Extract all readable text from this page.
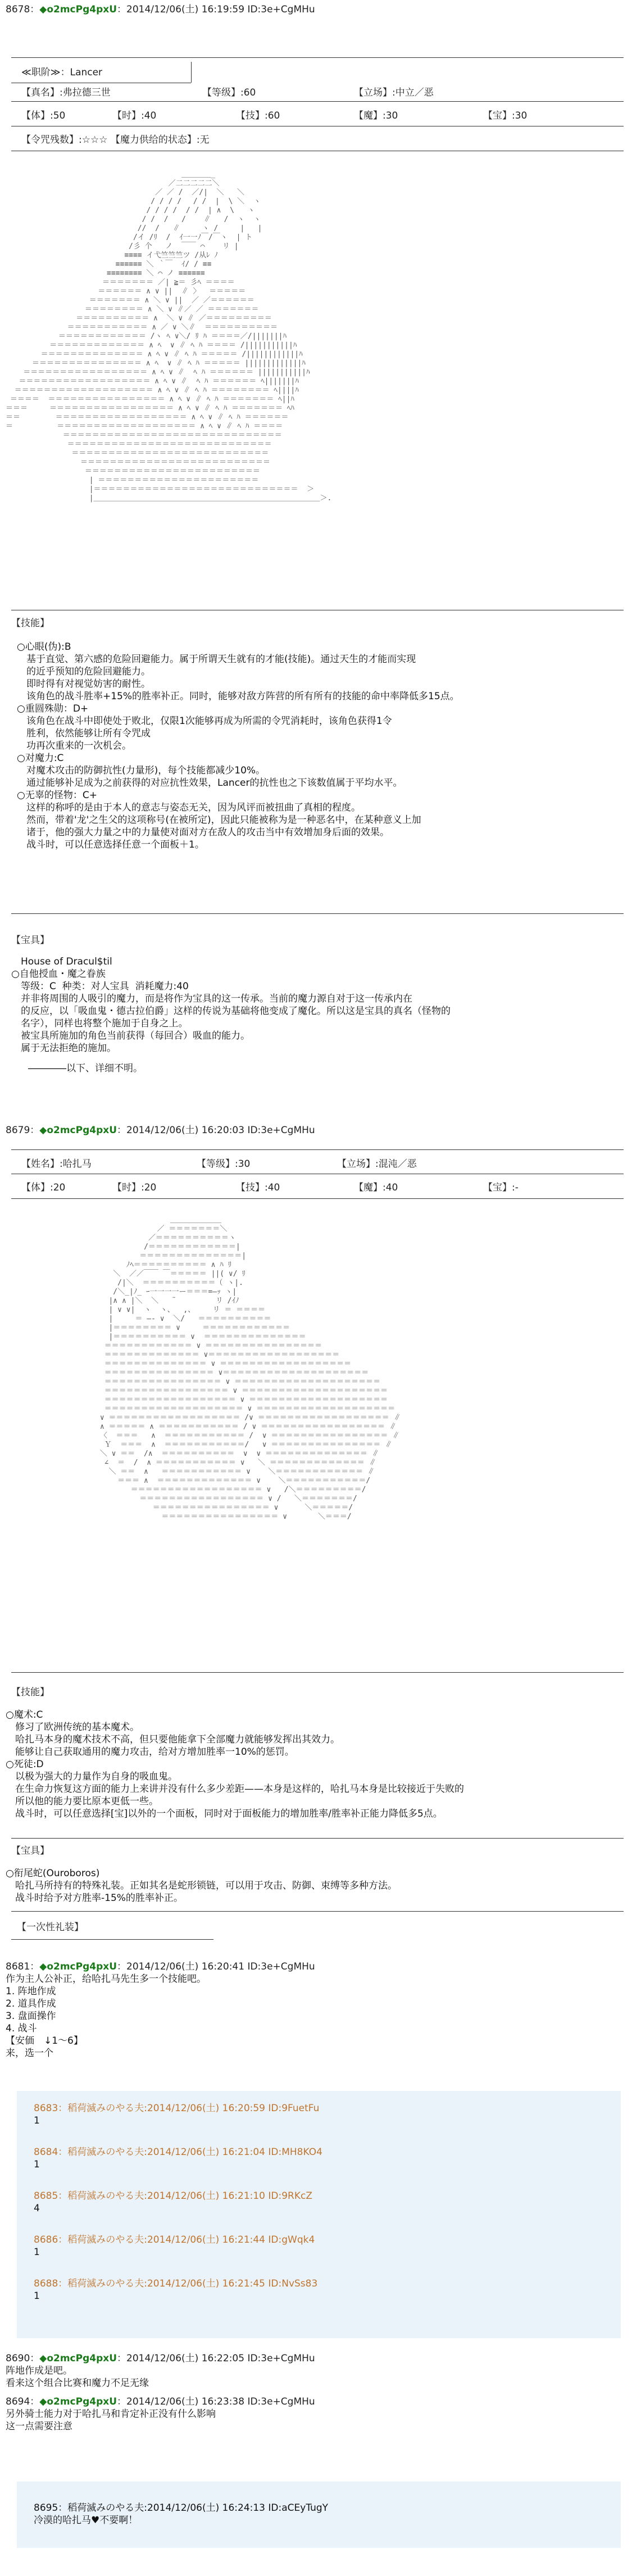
8678：◆o2mcPg4pxU：2014/12/06(土) 16:19:59 ID:3e+CgMHu
≪职阶≫：Lancer
【真名】:弗拉德三世	【等级】:60	【立场】:中立／恶
【体】:50	【时】:40	【技】:60	【魔】:30	【宝】:30
【令咒残数】:☆☆☆ 【魔力供给的状态】:无
＿＿＿＿_
／二二二二二＼
／ ／ /  ／/|  ＼   ＼
/ / / / 　/ /  |  \ ＼  ヽ
/ / / /  / /  | ∧  \   ヽ
/ /  /   /    ∥   /  ヽ  ヽ
//  /   ∥     ヽ /     |   |
/イ /ﾘ  /  ｲ一一ﾉ￣/￣ヽ  | ト
/彡 个   ノ  ￣￣ ⌒    リ |
≡≡≡≡ イ弋竺竺竺ツ /从ﾚ ﾉ
≡≡≡≡≡≡ ＼ ｀￣  ｲ/ / ≡≡
≡≡≡≡≡≡≡≡ ＼ ⌒ ノ ≡≡≡≡≡≡
＝＝＝＝＝＝＝ ／| ≧＝ 彡ﾍ ＝＝＝＝
＝＝＝＝＝＝ ∧ ∨ ||  ∥ 〉  ＝＝＝＝＝
＝＝＝＝＝＝＝ ∧ ＼ ∨ ||  ／ ／＝＝＝＝＝＝
＝＝＝＝＝＝＝＝ ∧ ＼ ∨ ∥／ ／ ＝＝＝＝＝＝＝
＝＝＝＝＝＝＝＝＝＝ ∧  ＼ ∨ ∥ ／＝＝＝＝＝＝＝＝＝
＝＝＝＝＝＝＝＝＝＝＝ ∧ ／ ∨ ＼∥  ＝＝＝＝＝＝＝＝＝＝
＝＝＝＝＝＝＝＝＝＝＝＝ /ヽ ﾍ ∨＼/ ﾘ ﾊ ＝＝＝＝／/|||||||ﾊ
＝＝＝＝＝＝＝＝＝＝＝＝＝ ∧ ﾍ  ∨ ∥ ﾍ ﾊ ＝＝＝＝ /|||||||||||ﾊ
＝＝＝＝＝＝＝＝＝＝＝＝＝＝ ∧ ﾍ ∨ ∥ ﾍ ﾊ ＝＝＝＝＝ /||||||||||||ﾊ
＝＝＝＝＝＝＝＝＝＝＝＝＝＝＝ ∧ ﾍ  ∨ ∥ ﾍ ﾊ ＝＝＝＝＝ |||||||||||||ﾊ
＝＝＝＝＝＝＝＝＝＝＝＝＝＝＝＝＝ ∧ ﾍ ∨ ∥  ﾍ ﾊ ＝＝＝＝＝＝ |||||||||||ﾊ
＝＝＝＝＝＝＝＝＝＝＝＝＝＝＝＝＝＝ ∧ ﾍ ∨ ∥  ﾍ ﾊ ＝＝＝＝＝＝ ﾍ|||||||ﾊ
＝＝＝＝＝＝＝＝＝＝＝＝＝＝＝＝＝＝＝ ∧ ﾍ ∨ ∥ ﾍ ﾊ ＝＝＝＝＝＝＝＝ ﾍ||||ﾊ
＝＝＝＝  ＝＝＝＝＝＝＝＝＝＝＝＝＝＝＝＝ ∧ ﾍ ∨ ∥ ﾍ ﾊ ＝＝＝＝＝＝＝ ﾍ||ﾊ
＝＝＝     ＝＝＝＝＝＝＝＝＝＝＝＝＝＝＝＝＝ ∧ ﾍ ∨ ∥ ﾍ ﾊ ＝＝＝＝＝＝＝ ﾍﾊ
＝＝        ＝＝＝＝＝＝＝＝＝＝＝＝＝＝＝＝＝＝ ∧ ﾍ ∨ ∥ ﾍ ﾊ ＝＝＝＝＝＝
＝          ＝＝＝＝＝＝＝＝＝＝＝＝＝＝＝＝＝＝＝ ∧ ﾍ ∨ ∥ ﾍ ﾊ ＝＝＝＝
＝＝＝＝＝＝＝＝＝＝＝＝＝＝＝＝＝＝＝＝＝＝＝＝＝＝＝＝＝＝
＝＝＝＝＝＝＝＝＝＝＝＝＝＝＝＝＝＝＝＝＝＝＝＝＝＝＝＝
＝＝＝＝＝＝＝＝＝＝＝＝＝＝＝＝＝＝＝＝＝＝＝＝＝＝＝
＝＝＝＝＝＝＝＝＝＝＝＝＝＝＝＝＝＝＝＝＝＝＝＝＝＝
＝＝＝＝＝＝＝＝＝＝＝＝＝＝＝＝＝＝＝＝＝＝＝＝
| ＝＝＝＝＝＝＝＝＝＝＝＝＝＝＝＝＝＝＝＝＝＝
|＝＝＝＝＝＝＝＝＝＝＝＝＝＝＝＝＝＝＝＝＝＝＝＝＝＝＝＝  ＞
|＿＿＿＿＿＿＿＿＿＿＿＿＿＿＿＿＿＿＿＿＿＿＿＿＿＿＿＿＿＿＿＞.
【技能】
○心眼(伪):B
　基于直觉、第六感的危险回避能力。属于所谓天生就有的才能(技能)。通过天生的才能而实现
　的近乎预知的危险回避能力。
　即时得有对视觉妨害的耐性。
　该角色的战斗胜率+15%的胜率补正。同时，能够对敌方阵营的所有所有的技能的命中率降低多15点。
○重圆殊勋：D+
　该角色在战斗中即使处于败北，仅限1次能够再成为所需的令咒消耗时，该角色获得1令
　胜利，依然能够让所有令咒成
　功再次重来的一次机会。
○对魔力:C
　对魔术攻击的防御抗性(力量形)，每个技能都减少10%。
　通过能够补足成为之前获得的对应抗性效果，Lancer的抗性也之下该数值属于平均水平。
○无辜的怪物：C+
　这样的称呼的是由于本人的意志与姿态无关，因为风评而被扭曲了真相的程度。
　然而，带着'龙'之生父的这项称号(在被所定)，因此只能被称为是一种恶名中，在某种意义上加
　诸于，他的强大力量之中的力量使对面对方在敌人的攻击当中有效增加身后面的效果。
　战斗时，可以任意选择任意一个面板＋1。
【宝具】
　House of Dracul$til
○自他授血・魔之眷族
　等级：C  种类：对人宝具  消耗魔力:40
　并非将周围的人吸引的魔力，而是将作为宝具的这一传承。当前的魔力源自对于这一传承内在
　的反应，以「吸血鬼・德古拉伯爵」这样的传说为基础将他变成了魔化。所以这是宝具的真名（怪物的
　名字），同样也将整个施加于自身之上。
　被宝具所施加的角色当前获得（每回合）吸血的能力。
　属于无法拒绝的施加。
――――以下、详细不明。
8679：◆o2mcPg4pxU：2014/12/06(土) 16:20:03 ID:3e+CgMHu
【姓名】:哈扎马	【等级】:30	【立场】:混沌／恶
【体】:20	【时】:20	【技】:40	【魔】:40	【宝】:-
＿＿＿＿＿＿＿
／ ＝＝＝＝＝＝＝＼
／＝＝＝＝＝＝＝＝＝＝ヽ
/＝＝＝＝＝＝＝＝＝＝＝＝|
＝＝＝＝＝＝＝＝＝＝＝＝＝＝|
ﾉﾍ＝＝＝＝＝＝＝＝＝＝ ∧ ﾊ ﾘ
＼  ／／￣￣ ￣＝＝＝＝＝ ||( ∨/ ﾘ
/|＼  ＝＝＝＝＝＝＝＝＝＝（ ヽ|.
/＼_|ﾉ_ ｰ一一一一ー＝＝＝=―ｯ ヽ|
|∧ ∧ |＼  ＼   ¨         リ /ｲﾉ
| ∨ ∨|  ヽ  ヽ、  ,、    リ ＝ ＝＝＝＝
|     ＝ ―- ∨  ＼/   ＝＝＝＝＝＝＝＝＝＝
|＝＝＝＝＝＝＝＝ ∨     ＝＝＝＝＝＝＝＝＝＝＝＝
|＝＝＝＝＝＝＝＝＝＝ ∨  ＝＝＝＝＝＝＝＝＝＝＝＝＝＝
＝＝＝＝＝＝＝＝＝＝＝＝ ∨ ＝＝＝＝＝＝＝＝＝＝＝＝＝＝＝＝
＝＝＝＝＝＝＝＝＝＝＝＝＝ ∨＝＝＝＝＝＝＝＝＝＝＝＝＝＝＝＝＝＝
＝＝＝＝＝＝＝＝＝＝＝＝＝＝ ∨ ＝＝＝＝＝＝＝＝＝＝＝＝＝＝＝＝＝＝
＝＝＝＝＝＝＝＝＝＝＝＝＝＝＝ ∨＝＝＝＝＝＝＝＝＝＝＝＝＝＝＝＝＝＝＝＝
＝＝＝＝＝＝＝＝＝＝＝＝＝＝＝＝ ∨ ＝＝＝＝＝＝＝＝＝＝＝＝＝＝＝＝＝＝＝＝
＝＝＝＝＝＝＝＝＝＝＝＝＝＝＝＝＝ ∨ ＝＝＝＝＝＝＝＝＝＝＝＝＝＝＝＝＝＝＝＝
＝＝＝＝＝＝＝＝＝＝＝＝＝＝＝＝＝＝ ∨ ＝＝＝＝＝＝＝＝＝＝＝＝＝＝＝＝＝＝＝
＝＝＝＝＝＝＝＝＝＝＝＝＝＝＝＝＝＝＝ ∨ ＝＝＝＝＝＝＝＝＝＝＝＝＝＝＝＝＝＝＝
∨ ＝＝＝＝＝＝＝＝＝＝＝＝＝＝＝＝＝＝ /∨ ＝＝＝＝＝＝＝＝＝＝＝＝＝＝＝＝＝＝ ∥
∧ ＝＝＝＝＝ ∧ ＝＝＝＝＝＝＝＝＝＝＝ / ∨ ＝＝＝＝＝＝＝＝＝＝＝＝＝＝＝＝＝ ∥
〈  ＝＝＝   ∧  ＝＝＝＝＝＝＝＝＝＝＝ /  ∨ ＝＝＝＝＝＝＝＝＝＝＝＝＝＝＝＝ ∥
Ｙ  ＝＝＝  ∧  ＝＝＝＝＝＝＝＝＝＝＝/   ∨ ＝＝＝＝＝＝＝＝＝＝＝＝＝＝＝ ∥
＼ ∨ ＝＝  /∧  ＝＝＝＝＝＝＝＝＝＝  ∨  ∨ ＝＝＝＝＝＝＝＝＝＝＝＝＝＝ ∥
∠  ＝  /  ∧ ＝＝＝＝＝＝＝＝＝＝＝ ∨   ＼ ＝＝＝＝＝＝＝＝＝＝＝＝＝ ∥
＼ ＝＝  ∧   ＝＝＝＝＝＝＝＝＝＝＝ ∨    ＼＝＝＝＝＝＝＝＝＝＝＝＝ ∥
＝＝＝ ∧  ＝＝＝＝＝＝＝＝＝＝＝＝＝ ∨    ＼＝＝＝＝＝＝＝＝＝＝＝/
＝＝＝＝＝＝＝＝＝＝＝＝＝＝＝＝＝＝ ∨   /＼＝＝＝＝＝＝＝＝＝/
＝＝＝＝＝＝＝＝＝＝＝＝＝＝＝＝＝ ∨ /   ＼＝＝＝＝＝＝＝/
＝＝＝＝＝＝＝＝＝＝＝＝＝＝＝＝ ∨      ＼＝＝＝＝＝/
＝＝＝＝＝＝＝＝＝＝＝＝＝＝＝＝ ∨       ＼＝＝＝/
【技能】
○魔术:C
　修习了欧洲传统的基本魔术。
　哈扎马本身的魔术技术不高，但只要他能拿下全部魔力就能够发挥出其效力。
　能够让自己获取通用的魔力攻击，给对方增加胜率一10%的惩罚。
○死徒:D
　以极为强大的力量作为自身的吸血鬼。
　在生命力恢复这方面的能力上来讲并没有什么多少差距——本身是这样的，哈扎马本身是比较接近于失败的
　所以他的能力要比原本更低一些。
　战斗时，可以任意选择[宝]以外的一个面板，同时对于面板能力的增加胜率/胜率补正能力降低多5点。
【宝具】
○衔尾蛇(Ouroboros)
　哈扎马所持有的特殊礼装。正如其名是蛇形锁链，可以用于攻击、防御、束缚等多种方法。
　战斗时给予对方胜率-15%的胜率补正。
【一次性礼装】
8681：◆o2mcPg4pxU：2014/12/06(土) 16:20:41 ID:3e+CgMHu
作为主人公补正，给哈扎马先生多一个技能吧。
1. 阵地作成
2. 道具作成
3. 盘面操作
4. 战斗
【安価　↓1～6】
来，选一个
8683：稻荷滅みのやる夫:2014/12/06(土) 16:20:59 ID:9FuetFu
1
8684：稻荷滅みのやる夫:2014/12/06(土) 16:21:04 ID:MH8KO4
1
8685：稻荷滅みのやる夫:2014/12/06(土) 16:21:10 ID:9RKcZ
4
8686：稻荷滅みのやる夫:2014/12/06(土) 16:21:44 ID:gWqk4
1
8688：稻荷滅みのやる夫:2014/12/06(土) 16:21:45 ID:NvSs83
1
8690：◆o2mcPg4pxU：2014/12/06(土) 16:22:05 ID:3e+CgMHu
阵地作成是吧。
看来这个组合比赛和魔力不足无缘
8694：◆o2mcPg4pxU：2014/12/06(土) 16:23:38 ID:3e+CgMHu
另外骑士能力对于哈扎马和肯定补正没有什么影响
这一点需要注意
8695：稻荷滅みのやる夫:2014/12/06(土) 16:24:13 ID:aCEyTugY
冷漠的哈扎马♥不要啊！
